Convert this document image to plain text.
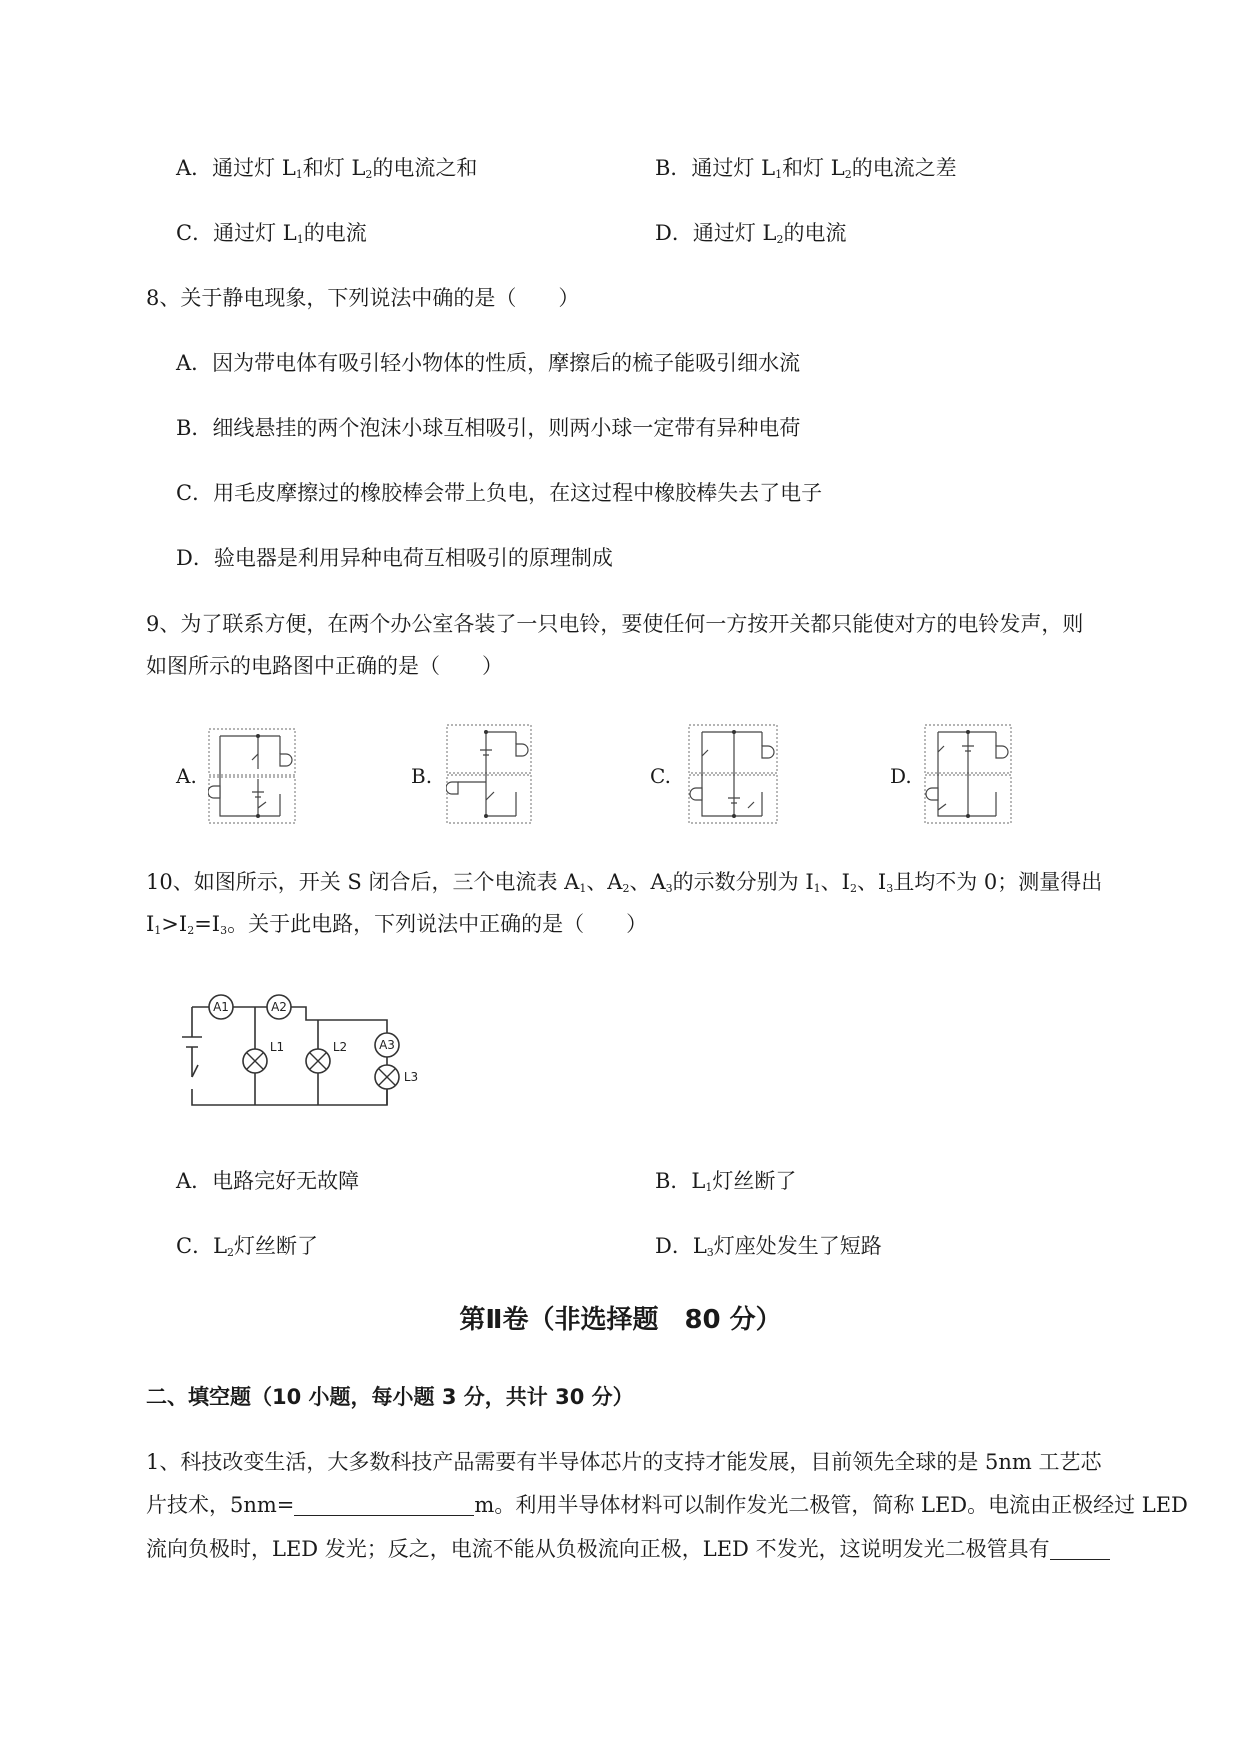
A．通过灯 $L_1$和灯 $L_2$的电流之和	B．通过灯 $L_1$和灯 $L_2$的电流之差
C．通过灯 $L_1$的电流	D．通过灯 $L_2$的电流
8、关于静电现象，下列说法中确的是（　　）
A．因为带电体有吸引轻小物体的性质，摩擦后的梳子能吸引细水流
B．细线悬挂的两个泡沫小球互相吸引，则两小球一定带有异种电荷
C．用毛皮摩擦过的橡胶棒会带上负电，在这过程中橡胶棒失去了电子
D．验电器是利用异种电荷互相吸引的原理制成
9、为了联系方便，在两个办公室各装了一只电铃，要使任何一方按开关都只能使对方的电铃发声，则
如图所示的电路图中正确的是（　　）
A.	B.	C.	D.
10、如图所示，开关 S 闭合后，三个电流表 $A_1$、$A_2$、$A_3$的示数分别为 $I_1$、$I_2$、$I_3$且均不为 0；测量得出
$I_1>I_2=I_3$。关于此电路，下列说法中正确的是（　　）
A1	A2
A3
L1	L2
L3
A．电路完好无故障	B．$L_1$灯丝断了
C．$L_2$灯丝断了	D．$L_3$灯座处发生了短路
第Ⅱ卷（非选择题　80 分）
二、填空题（10 小题，每小题 3 分，共计 30 分）
1、科技改变生活，大多数科技产品需要有半导体芯片的支持才能发展，目前领先全球的是 5nm 工艺芯
片技术，5nm=	m。利用半导体材料可以制作发光二极管，简称 LED。电流由正极经过 LED
流向负极时，LED 发光；反之，电流不能从负极流向正极，LED 不发光，这说明发光二极管具有
